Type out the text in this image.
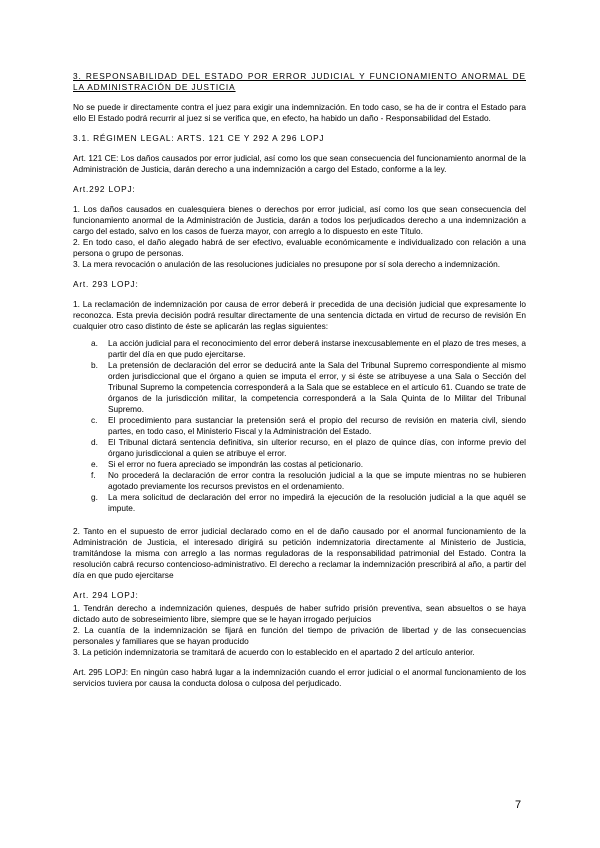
3. RESPONSABILIDAD DEL ESTADO POR ERROR JUDICIAL Y FUNCIONAMIENTO ANORMAL DE LA ADMINISTRACIÓN DE JUSTICIA

No se puede ir directamente contra el juez para exigir una indemnización. En todo caso, se ha de ir contra el Estado para ello El Estado podrá recurrir al juez si se verifica que, en efecto, ha habido un daño - Responsabilidad del Estado.

3.1. RÉGIMEN LEGAL: ARTS. 121 CE Y 292 A 296 LOPJ

Art. 121 CE: Los daños causados por error judicial, así como los que sean consecuencia del funcionamiento anormal de la Administración de Justicia, darán derecho a una indemnización a cargo del Estado, conforme a la ley.

Art.292 LOPJ:

1. Los daños causados en cualesquiera bienes o derechos por error judicial, así como los que sean consecuencia del funcionamiento anormal de la Administración de Justicia, darán a todos los perjudicados derecho a una indemnización a cargo del estado, salvo en los casos de fuerza mayor, con arreglo a lo dispuesto en este Título.
2. En todo caso, el daño alegado habrá de ser efectivo, evaluable económicamente e individualizado con relación a una persona o grupo de personas.
3. La mera revocación o anulación de las resoluciones judiciales no presupone por sí sola derecho a indemnización.

Art. 293 LOPJ:

1. La reclamación de indemnización por causa de error deberá ir precedida de una decisión judicial que expresamente lo reconozca. Esta previa decisión podrá resultar directamente de una sentencia dictada en virtud de recurso de revisión En cualquier otro caso distinto de éste se aplicarán las reglas siguientes:

a. La acción judicial para el reconocimiento del error deberá instarse inexcusablemente en el plazo de tres meses, a partir del día en que pudo ejercitarse.
b. La pretensión de declaración del error se deducirá ante la Sala del Tribunal Supremo correspondiente al mismo orden jurisdiccional que el órgano a quien se imputa el error, y si éste se atribuyese a una Sala o Sección del Tribunal Supremo la competencia corresponderá a la Sala que se establece en el artículo 61. Cuando se trate de órganos de la jurisdicción militar, la competencia corresponderá a la Sala Quinta de lo Militar del Tribunal Supremo.
c. El procedimiento para sustanciar la pretensión será el propio del recurso de revisión en materia civil, siendo partes, en todo caso, el Ministerio Fiscal y la Administración del Estado.
d. El Tribunal dictará sentencia definitiva, sin ulterior recurso, en el plazo de quince días, con informe previo del órgano jurisdiccional a quien se atribuye el error.
e. Si el error no fuera apreciado se impondrán las costas al peticionario.
f. No procederá la declaración de error contra la resolución judicial a la que se impute mientras no se hubieren agotado previamente los recursos previstos en el ordenamiento.
g. La mera solicitud de declaración del error no impedirá la ejecución de la resolución judicial a la que aquél se impute.

2. Tanto en el supuesto de error judicial declarado como en el de daño causado por el anormal funcionamiento de la Administración de Justicia, el interesado dirigirá su petición indemnizatoria directamente al Ministerio de Justicia, tramitándose la misma con arreglo a las normas reguladoras de la responsabilidad patrimonial del Estado. Contra la resolución cabrá recurso contencioso-administrativo. El derecho a reclamar la indemnización prescribirá al año, a partir del día en que pudo ejercitarse

Art. 294 LOPJ:

1. Tendrán derecho a indemnización quienes, después de haber sufrido prisión preventiva, sean absueltos o se haya dictado auto de sobreseimiento libre, siempre que se le hayan irrogado perjuicios
2. La cuantía de la indemnización se fijará en función del tiempo de privación de libertad y de las consecuencias personales y familiares que se hayan producido
3. La petición indemnizatoria se tramitará de acuerdo con lo establecido en el apartado 2 del artículo anterior.

Art. 295 LOPJ: En ningún caso habrá lugar a la indemnización cuando el error judicial o el anormal funcionamiento de los servicios tuviera por causa la conducta dolosa o culposa del perjudicado.

7
